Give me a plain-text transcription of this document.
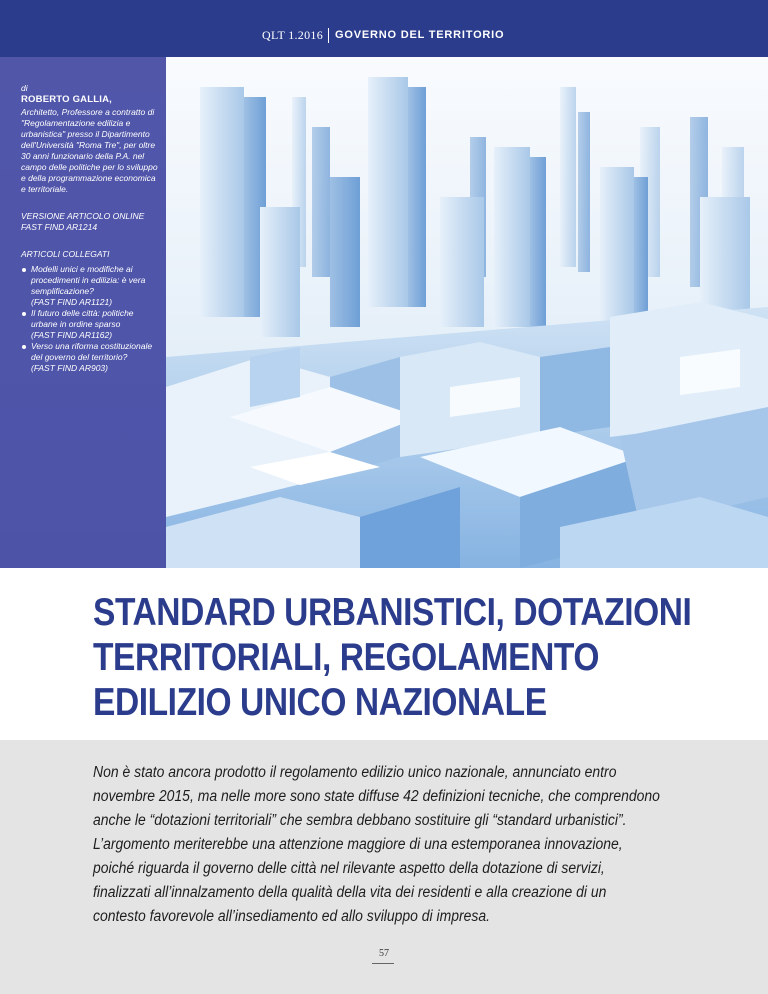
QLT 1.2016 GOVERNO DEL TERRITORIO
di
ROBERTO GALLIA,
Architetto, Professore a contratto di "Regolamentazione edilizia e urbanistica" presso il Dipartimento dell'Università "Roma Tre", per oltre 30 anni funzionario della P.A. nel campo delle politiche per lo sviluppo e della programmazione economica e territoriale.
VERSIONE ARTICOLO ONLINE
FAST FIND AR1214
ARTICOLI COLLEGATI
Modelli unici e modifiche ai procedimenti in edilizia: è vera semplificazione?
(FAST FIND AR1121)
Il futuro delle città: politiche urbane in ordine sparso
(FAST FIND AR1162)
Verso una riforma costituzionale del governo del territorio?
(FAST FIND AR903)
STANDARD URBANISTICI, DOTAZIONI
TERRITORIALI, REGOLAMENTO
EDILIZIO UNICO NAZIONALE

Non è stato ancora prodotto il regolamento edilizio unico nazionale, annunciato entro
novembre 2015, ma nelle more sono state diffuse 42 definizioni tecniche, che comprendono
anche le “dotazioni territoriali” che sembra debbano sostituire gli “standard urbanistici”.
L’argomento meriterebbe una attenzione maggiore di una estemporanea innovazione,
poiché riguarda il governo delle città nel rilevante aspetto della dotazione di servizi,
finalizzati all’innalzamento della qualità della vita dei residenti e alla creazione di un
contesto favorevole all’insediamento ed allo sviluppo di impresa.

57
